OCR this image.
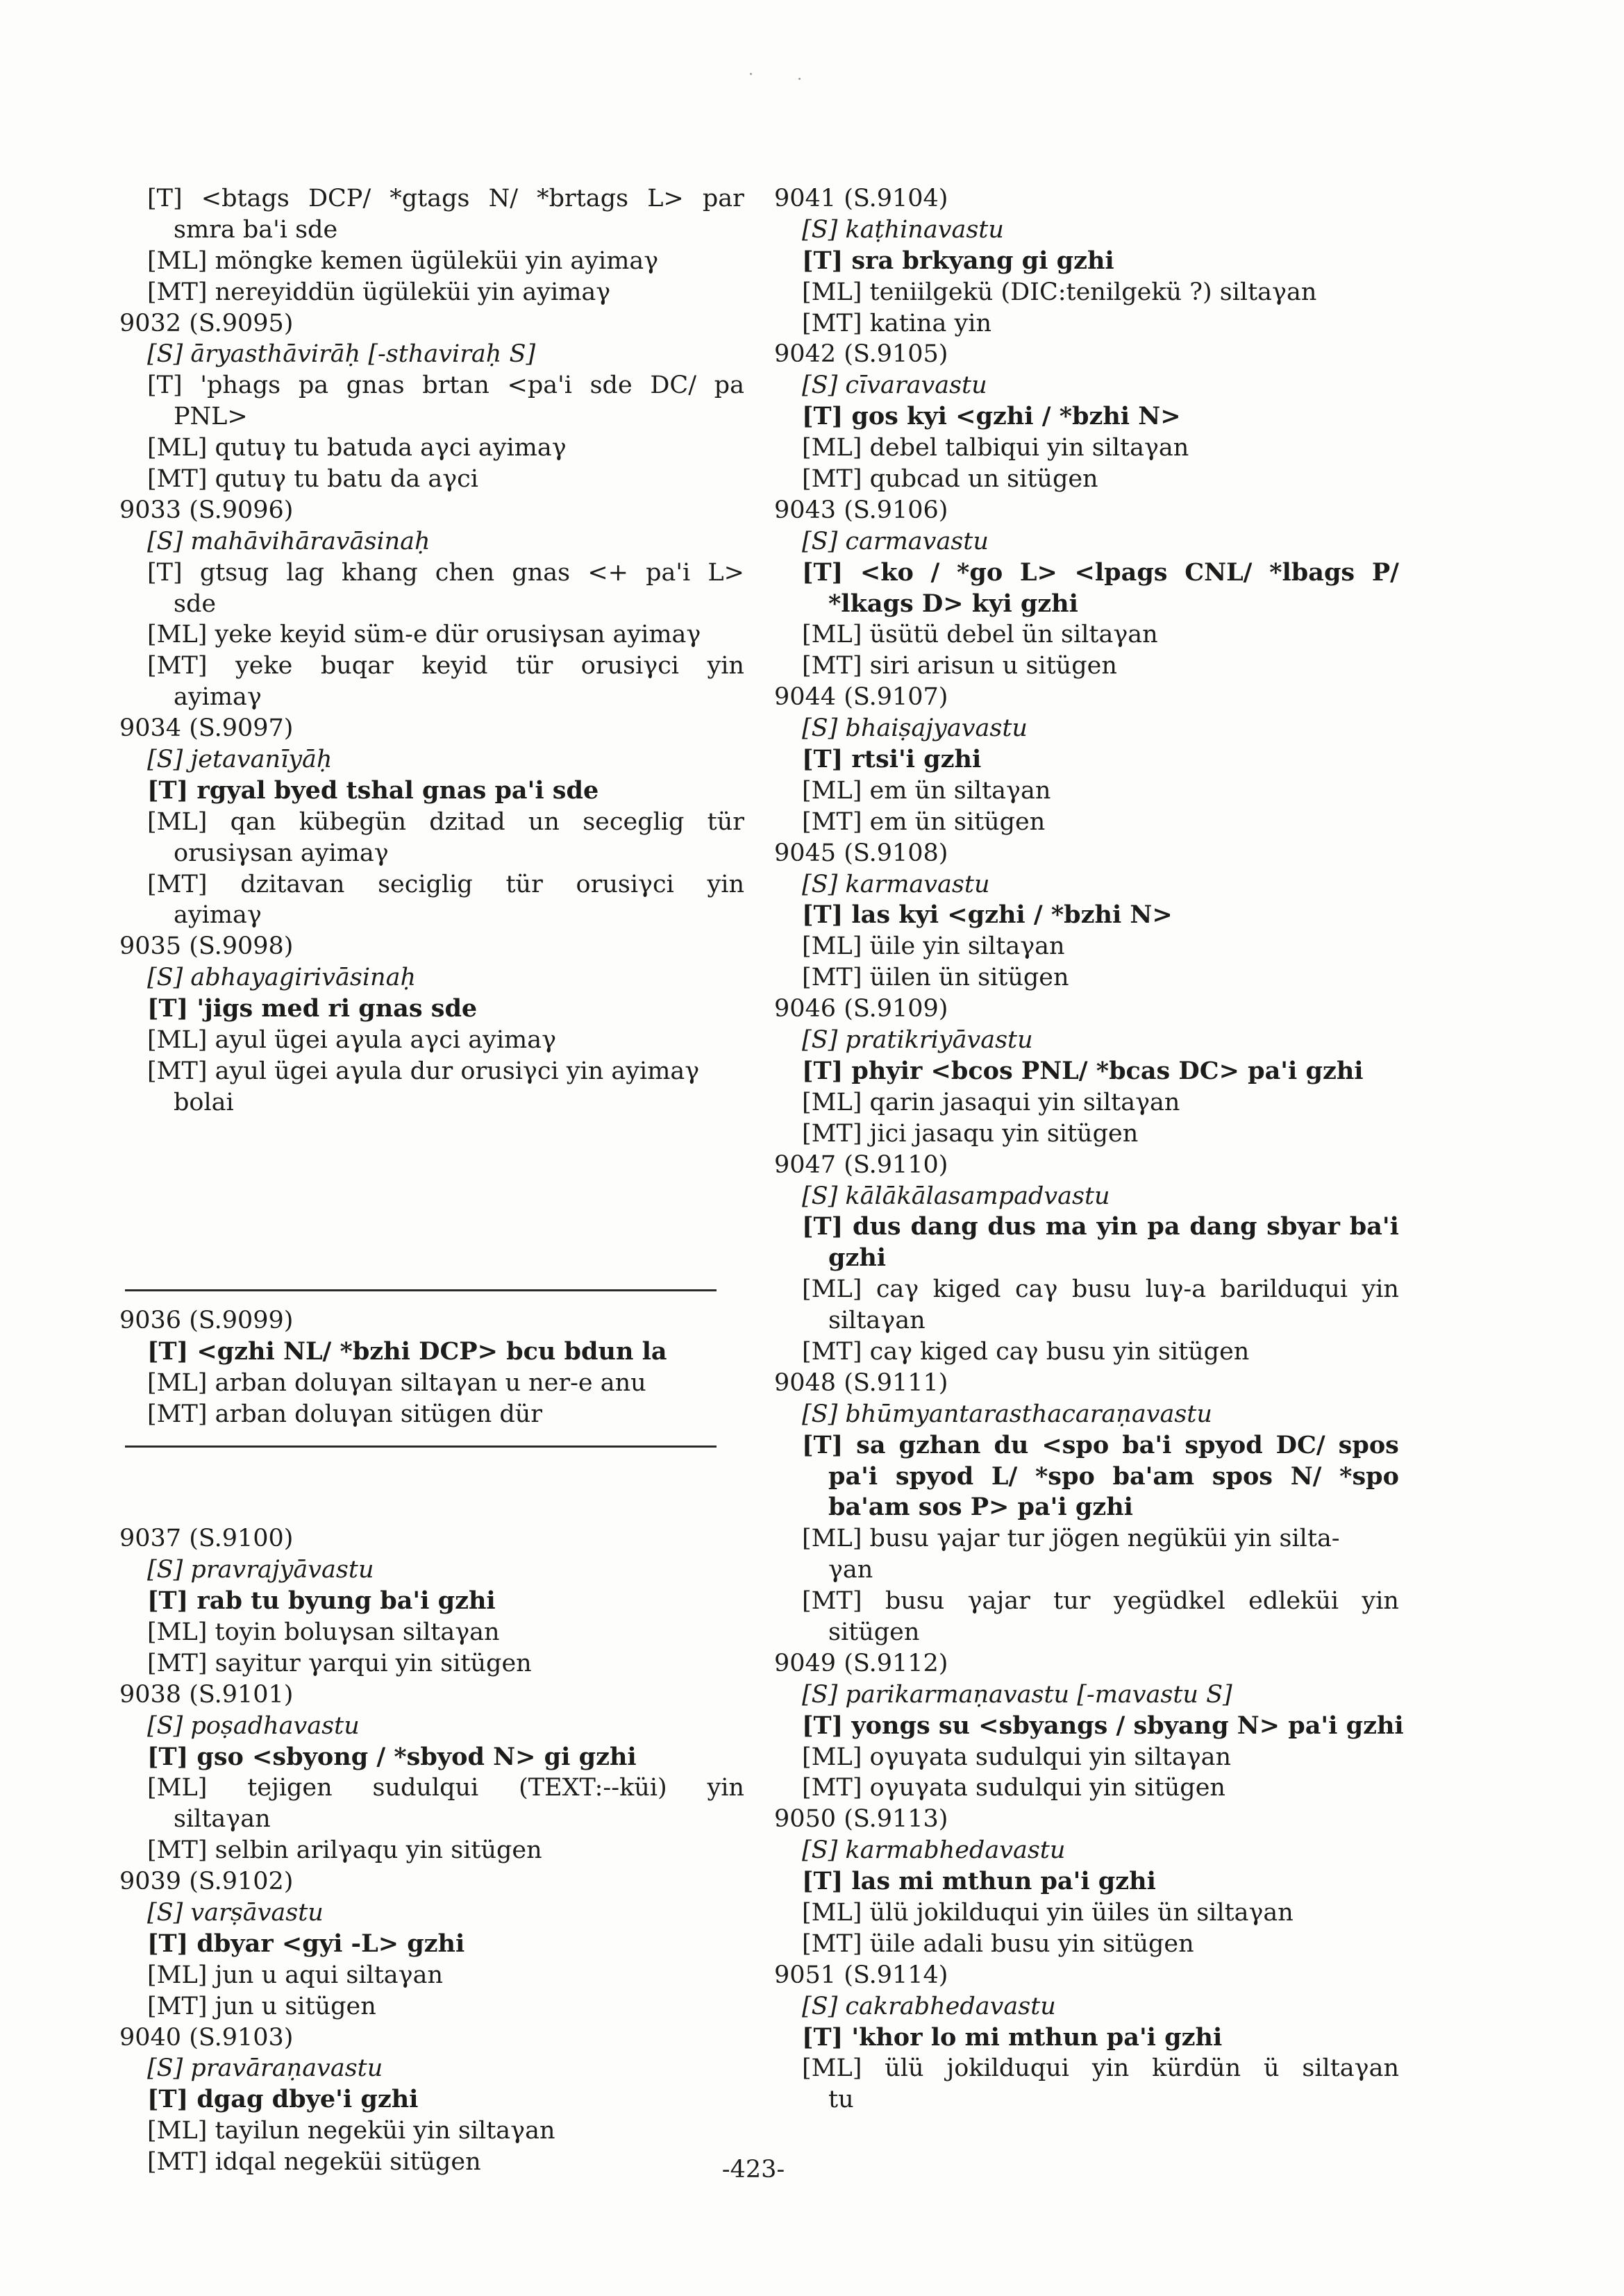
[T] <btags DCP/ *gtags N/ *brtags L> par
smra ba'i sde
[ML] möngke kemen ügüleküi yin ayimaγ
[MT] nereyiddün ügüleküi yin ayimaγ
9032 (S.9095)
[S] āryasthāvirāḥ [-sthaviraḥ S]
[T] 'phags pa gnas brtan <pa'i sde DC/ pa
PNL>
[ML] qutuγ tu batuda aγci ayimaγ
[MT] qutuγ tu batu da aγci
9033 (S.9096)
[S] mahāvihāravāsinaḥ
[T] gtsug lag khang chen gnas <+ pa'i L>
sde
[ML] yeke keyid süm-e dür orusiγsan ayimaγ
[MT] yeke buqar keyid tür orusiγci yin
ayimaγ
9034 (S.9097)
[S] jetavanīyāḥ
[T] rgyal byed tshal gnas pa'i sde
[ML] qan kübegün dzitad un seceglig tür
orusiγsan ayimaγ
[MT] dzitavan seciglig tür orusiγci yin
ayimaγ
9035 (S.9098)
[S] abhayagirivāsinaḥ
[T] 'jigs med ri gnas sde
[ML] ayul ügei aγula aγci ayimaγ
[MT] ayul ügei aγula dur orusiγci yin ayimaγ
bolai
9036 (S.9099)
[T] <gzhi NL/ *bzhi DCP> bcu bdun la
[ML] arban doluγan siltaγan u ner-e anu
[MT] arban doluγan sitügen dür
9037 (S.9100)
[S] pravrajyāvastu
[T] rab tu byung ba'i gzhi
[ML] toyin boluγsan siltaγan
[MT] sayitur γarqui yin sitügen
9038 (S.9101)
[S] poṣadhavastu
[T] gso <sbyong / *sbyod N> gi gzhi
[ML] tejigen sudulqui (TEXT:--küi) yin
siltaγan
[MT] selbin arilγaqu yin sitügen
9039 (S.9102)
[S] varṣāvastu
[T] dbyar <gyi -L> gzhi
[ML] jun u aqui siltaγan
[MT] jun u sitügen
9040 (S.9103)
[S] pravāraṇavastu
[T] dgag dbye'i gzhi
[ML] tayilun negeküi yin siltaγan
[MT] idqal negeküi sitügen
9041 (S.9104)
[S] kaṭhinavastu
[T] sra brkyang gi gzhi
[ML] teniilgekü (DIC:tenilgekü ?) siltaγan
[MT] katina yin
9042 (S.9105)
[S] cīvaravastu
[T] gos kyi <gzhi / *bzhi N>
[ML] debel talbiqui yin siltaγan
[MT] qubcad un sitügen
9043 (S.9106)
[S] carmavastu
[T] <ko / *go L> <lpags CNL/ *lbags P/
*lkags D> kyi gzhi
[ML] üsütü debel ün siltaγan
[MT] siri arisun u sitügen
9044 (S.9107)
[S] bhaiṣajyavastu
[T] rtsi'i gzhi
[ML] em ün siltaγan
[MT] em ün sitügen
9045 (S.9108)
[S] karmavastu
[T] las kyi <gzhi / *bzhi N>
[ML] üile yin siltaγan
[MT] üilen ün sitügen
9046 (S.9109)
[S] pratikriyāvastu
[T] phyir <bcos PNL/ *bcas DC> pa'i gzhi
[ML] qarin jasaqui yin siltaγan
[MT] jici jasaqu yin sitügen
9047 (S.9110)
[S] kālākālasampadvastu
[T] dus dang dus ma yin pa dang sbyar ba'i
gzhi
[ML] caγ kiged caγ busu luγ-a barilduqui yin
siltaγan
[MT] caγ kiged caγ busu yin sitügen
9048 (S.9111)
[S] bhūmyantarasthacaraṇavastu
[T] sa gzhan du <spo ba'i spyod DC/ spos
pa'i spyod L/ *spo ba'am spos N/ *spo
ba'am sos P> pa'i gzhi
[ML] busu γajar tur jögen negüküi yin silta-
γan
[MT] busu γajar tur yegüdkel edleküi yin
sitügen
9049 (S.9112)
[S] parikarmaṇavastu [-mavastu S]
[T] yongs su <sbyangs / sbyang N> pa'i gzhi
[ML] oγuγata sudulqui yin siltaγan
[MT] oγuγata sudulqui yin sitügen
9050 (S.9113)
[S] karmabhedavastu
[T] las mi mthun pa'i gzhi
[ML] ülü jokilduqui yin üiles ün siltaγan
[MT] üile adali busu yin sitügen
9051 (S.9114)
[S] cakrabhedavastu
[T] 'khor lo mi mthun pa'i gzhi
[ML] ülü jokilduqui yin kürdün ü siltaγan
tu
-423-
